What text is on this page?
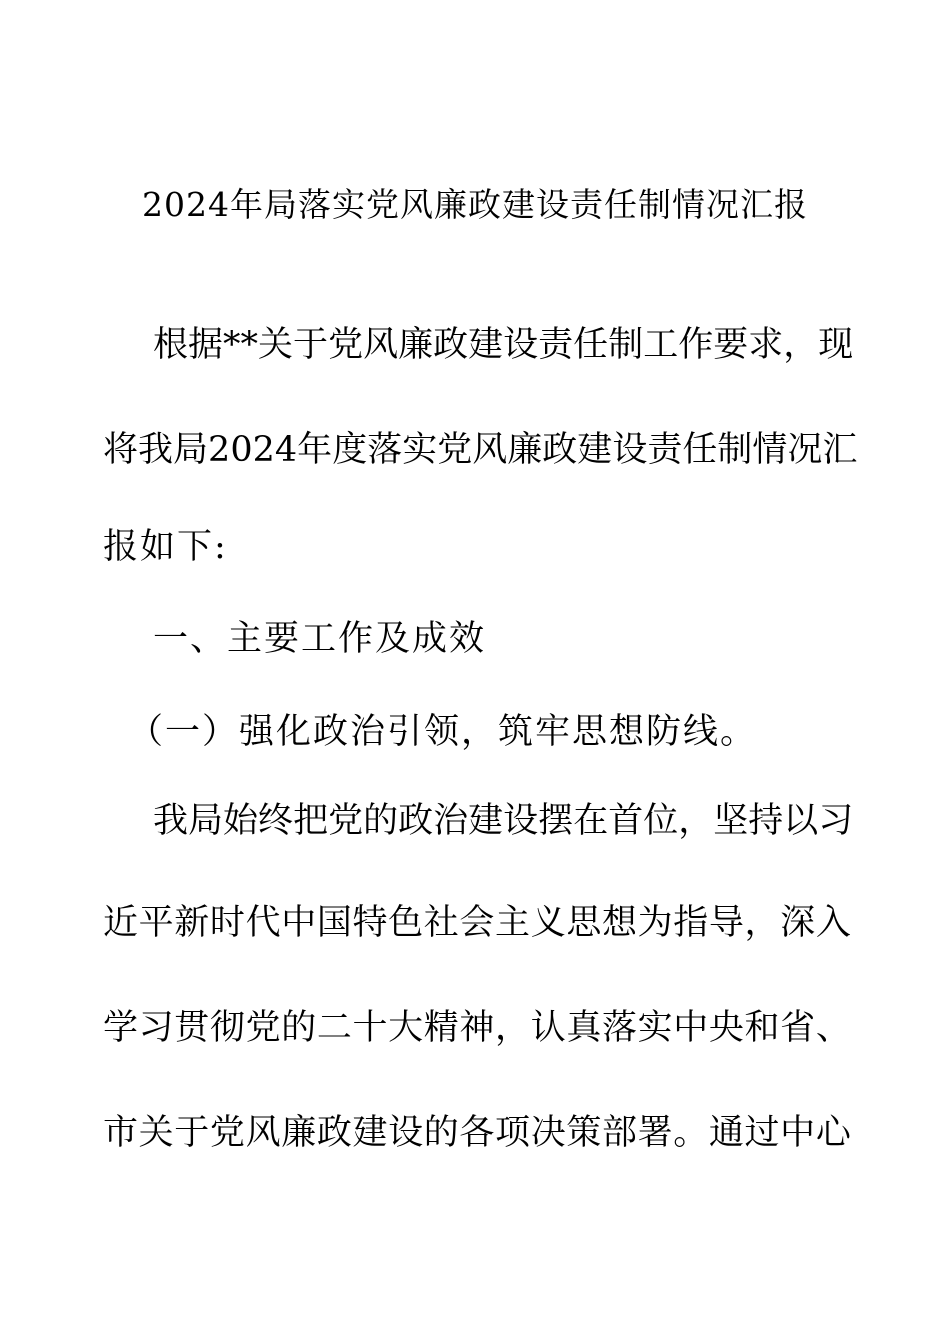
2024年局落实党风廉政建设责任制情况汇报
根 据 * * 关 于 党 风 廉 政 建 设 责 任 制 工 作 要 求 ， 现
将 我 局 2 0 2 4 年 度 落 实 党 风 廉 政 建 设 责 任 制 情 况 汇
报如下:
一、主要工作及成效
（一）强化政治引领，筑牢思想防线。
我 局 始 终 把 党 的 政 治 建 设 摆 在 首 位 ， 坚 持 以 习
近 平 新 时 代 中 国 特 色 社 会 主 义 思 想 为 指 导 ， 深 入
学 习 贯 彻 党 的 二 十 大 精 神 ， 认 真 落 实 中 央 和 省 、
市 关 于 党 风 廉 政 建 设 的 各 项 决 策 部 署 。 通 过 中 心
